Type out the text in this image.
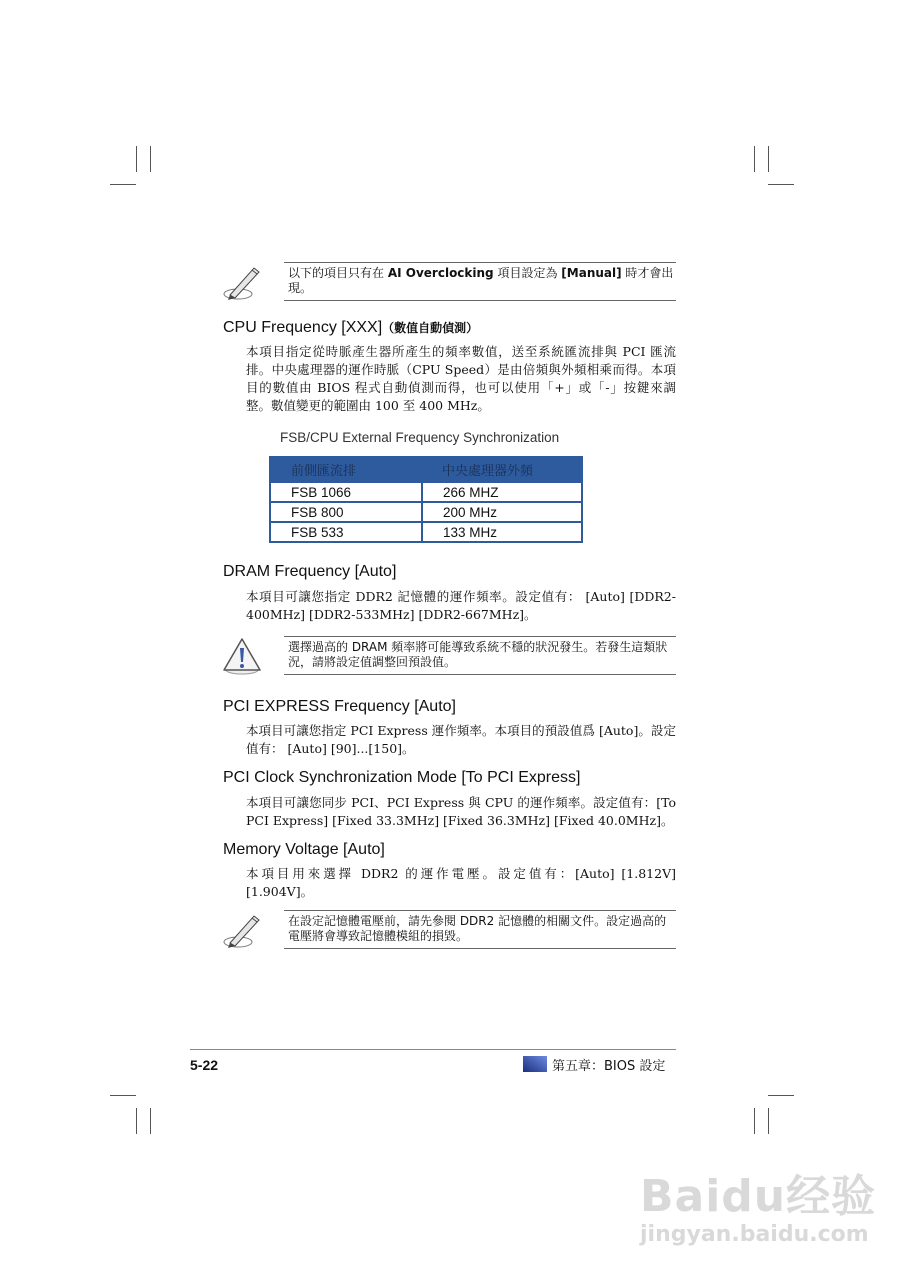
以下的項目只有在 AI Overclocking 項目設定為 [Manual] 時才會出現。
CPU Frequency [XXX]（數值自動偵測）

本項目指定從時脈產生器所產生的頻率數值，送至系統匯流排與 PCI 匯流排。中央處理器的運作時脈（CPU Speed）是由倍頻與外頻相乘而得。本項目的數值由 BIOS 程式自動偵測而得，也可以使用「+」或「-」按鍵來調整。數值變更的範圍由 100 至 400 MHz。

FSB/CPU External Frequency Synchronization
前側匯流排	中央處理器外頻
FSB 1066	266 MHZ
FSB 800	200 MHz
FSB 533	133 MHz
DRAM Frequency [Auto]

本項目可讓您指定 DDR2 記憶體的運作頻率。設定值有： [Auto] [DDR2-400MHz] [DDR2-533MHz] [DDR2-667MHz]。

選擇過高的 DRAM 頻率將可能導致系統不穩的狀況發生。若發生這類狀況，請將設定值調整回預設值。
PCI EXPRESS Frequency [Auto]

本項目可讓您指定 PCI Express 運作頻率。本項目的預設值爲 [Auto]。設定值有： [Auto] [90]...[150]。

PCI Clock Synchronization Mode [To PCI Express]

本項目可讓您同步 PCI、PCI Express 與 CPU 的運作頻率。設定值有：[To PCI Express] [Fixed 33.3MHz] [Fixed 36.3MHz] [Fixed 40.0MHz]。

Memory Voltage [Auto]

本項目用來選擇 DDR2 的運作電壓。設定值有：[Auto] [1.812V] [1.904V]。

在設定記憶體電壓前，請先參閱 DDR2 記憶體的相關文件。設定過高的電壓將會導致記憶體模組的損毀。
5-22	第五章：BIOS 設定
Baidu经验
jingyan.baidu.com
